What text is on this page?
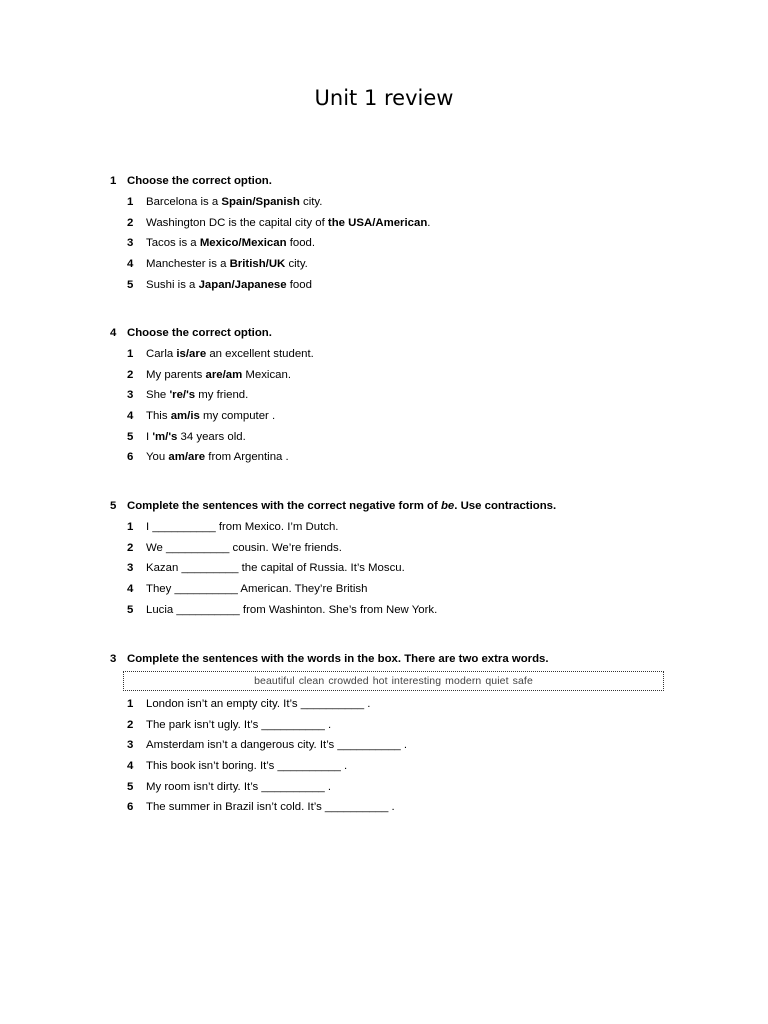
Unit 1 review
1 Choose the correct option.
1 Barcelona is a Spain/Spanish city.
2 Washington DC is the capital city of the USA/American.
3 Tacos is a Mexico/Mexican food.
4 Manchester is a British/UK city.
5 Sushi is a Japan/Japanese food
4 Choose the correct option.
1 Carla is/are an excellent student.
2 My parents are/am Mexican.
3 She 're/'s my friend.
4 This am/is my computer .
5 I 'm/'s 34 years old.
6 You am/are from Argentina .
5 Complete the sentences with the correct negative form of be. Use contractions.
1 I __________ from Mexico. I’m Dutch.
2 We __________ cousin. We’re friends.
3 Kazan _________ the capital of Russia. It’s Moscu.
4 They __________ American. They’re British
5 Lucia __________ from Washinton. She’s from New York.
3 Complete the sentences with the words in the box. There are two extra words.
beautiful clean crowded hot interesting modern quiet safe
1 London isn’t an empty city. It’s __________ .
2 The park isn’t ugly. It’s __________ .
3 Amsterdam isn’t a dangerous city. It’s __________ .
4 This book isn’t boring. It’s __________ .
5 My room isn’t dirty. It’s __________ .
6 The summer in Brazil isn’t cold. It’s __________ .
